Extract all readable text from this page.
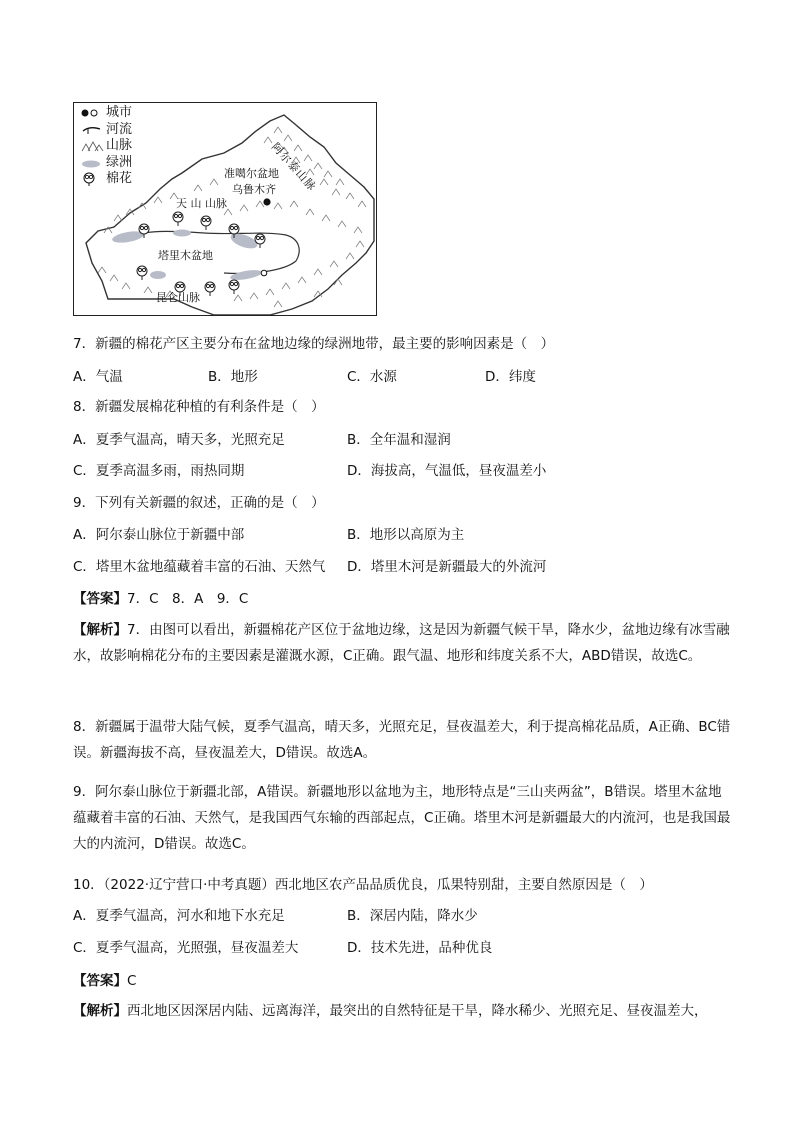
城市
河流
山脉
绿洲
棉花	阿尔泰山脉
准噶尔盆地
乌鲁木齐
天 山 山脉
塔里木盆地
昆仑山脉
7．新疆的棉花产区主要分布在盆地边缘的绿洲地带，最主要的影响因素是（　）
A．气温	B．地形	C．水源	D．纬度
8．新疆发展棉花种植的有利条件是（　）
A．夏季气温高，晴天多，光照充足	B．全年温和湿润
C．夏季高温多雨，雨热同期	D．海拔高，气温低，昼夜温差小
9．下列有关新疆的叙述，正确的是（　）
A．阿尔泰山脉位于新疆中部	B．地形以高原为主
C．塔里木盆地蕴藏着丰富的石油、天然气 D．塔里木河是新疆最大的外流河
【答案】7．C　8．A　9．C
【解析】7．由图可以看出，新疆棉花产区位于盆地边缘，这是因为新疆气候干旱，降水少，盆地边缘有冰雪融水，故影响棉花分布的主要因素是灌溉水源，C正确。跟气温、地形和纬度关系不大，ABD错误，故选C。
8．新疆属于温带大陆气候，夏季气温高，晴天多，光照充足，昼夜温差大，利于提高棉花品质，A正确、BC错误。新疆海拔不高，昼夜温差大，D错误。故选A。
9．阿尔泰山脉位于新疆北部，A错误。新疆地形以盆地为主，地形特点是“三山夹两盆”，B错误。塔里木盆地蕴藏着丰富的石油、天然气，是我国西气东输的西部起点，C正确。塔里木河是新疆最大的内流河，也是我国最大的内流河，D错误。故选C。
10．（2022·辽宁营口·中考真题）西北地区农产品品质优良，瓜果特别甜，主要自然原因是（　）
A．夏季气温高，河水和地下水充足	B．深居内陆，降水少
C．夏季气温高，光照强，昼夜温差大	D．技术先进，品种优良
【答案】C
【解析】西北地区因深居内陆、远离海洋，最突出的自然特征是干旱，降水稀少、光照充足、昼夜温差大，
